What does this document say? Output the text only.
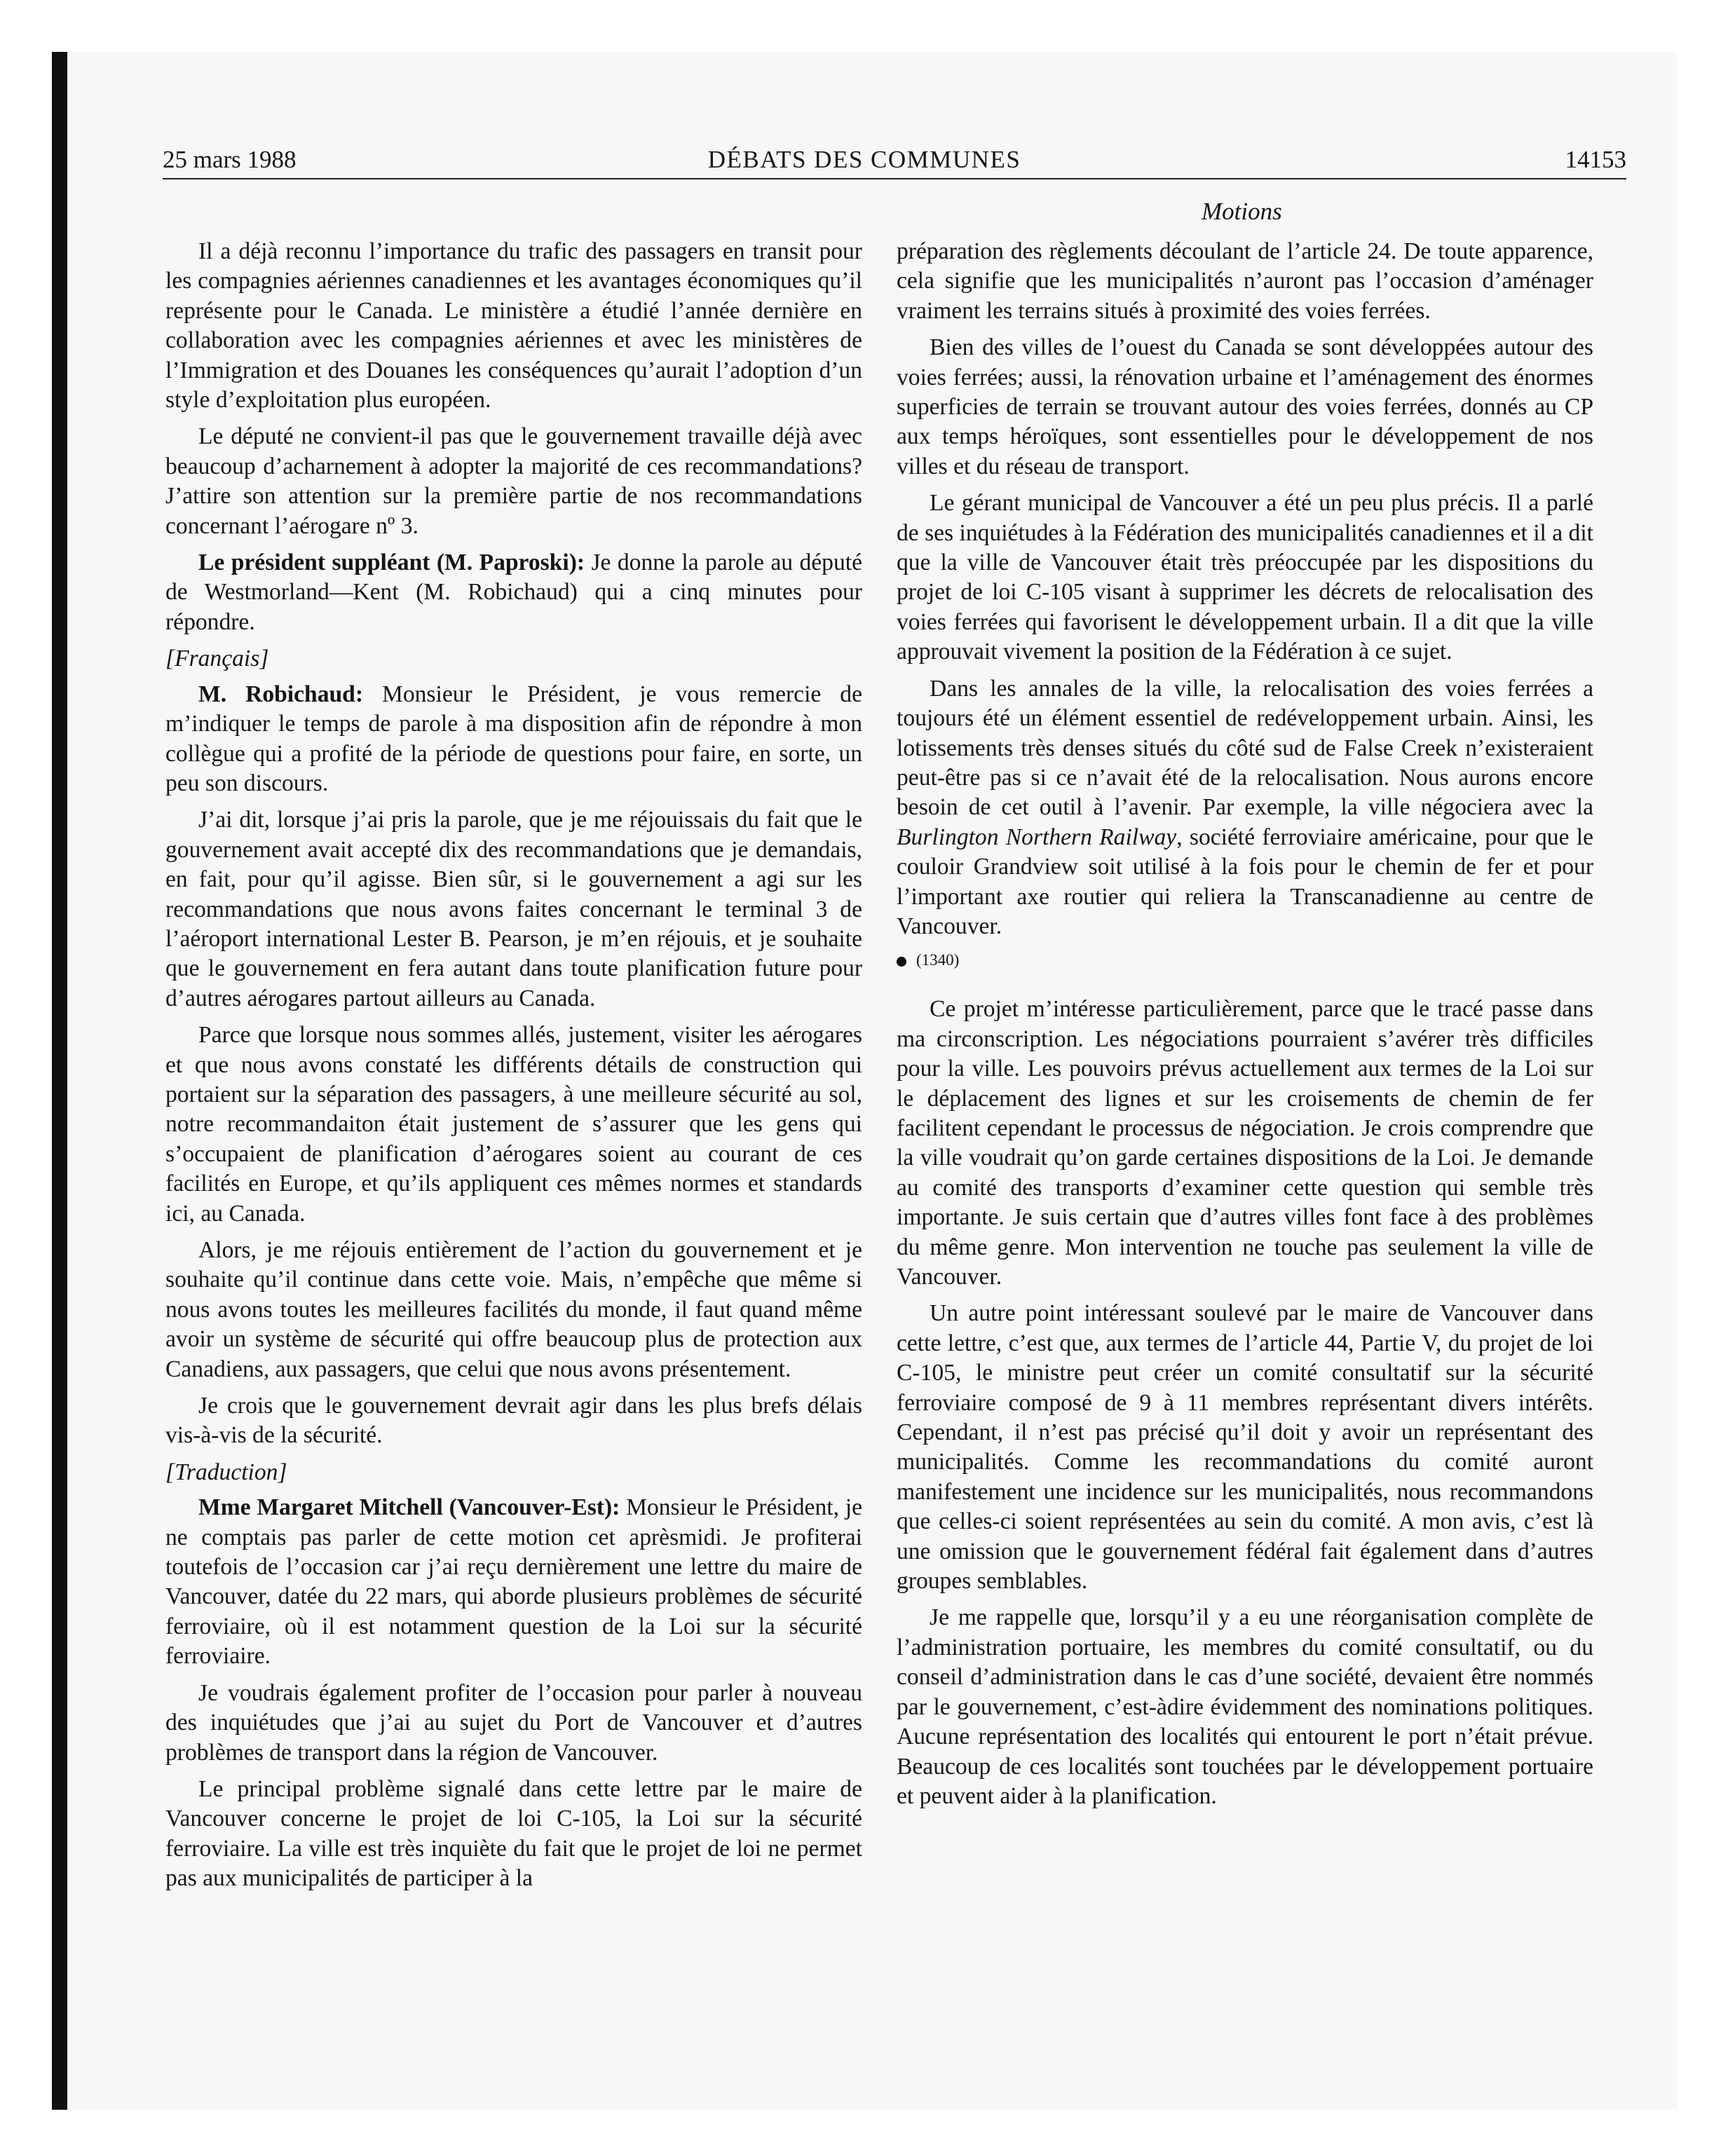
25 mars 1988	DÉBATS DES COMMUNES	14153
Motions

Il a déjà reconnu l’importance du trafic des passagers en transit pour les compagnies aériennes canadiennes et les avantages économiques qu’il représente pour le Canada. Le ministère a étudié l’année dernière en collaboration avec les compagnies aériennes et avec les ministères de l’Immigration et des Douanes les conséquences qu’aurait l’adoption d’un style d’exploitation plus européen.

Le député ne convient-il pas que le gouvernement travaille déjà avec beaucoup d’acharnement à adopter la majorité de ces recommandations? J’attire son attention sur la première partie de nos recommandations concernant l’aérogare nº 3.

Le président suppléant (M. Paproski): Je donne la parole au député de Westmorland—Kent (M. Robichaud) qui a cinq minutes pour répondre.

[Français]

M. Robichaud: Monsieur le Président, je vous remercie de m’indiquer le temps de parole à ma disposition afin de répondre à mon collègue qui a profité de la période de questions pour faire, en sorte, un peu son discours.

J’ai dit, lorsque j’ai pris la parole, que je me réjouissais du fait que le gouvernement avait accepté dix des recommandations que je demandais, en fait, pour qu’il agisse. Bien sûr, si le gouvernement a agi sur les recommandations que nous avons faites concernant le terminal 3 de l’aéroport international Lester B. Pearson, je m’en réjouis, et je souhaite que le gouvernement en fera autant dans toute planification future pour d’autres aérogares partout ailleurs au Canada.

Parce que lorsque nous sommes allés, justement, visiter les aérogares et que nous avons constaté les différents détails de construction qui portaient sur la séparation des passagers, à une meilleure sécurité au sol, notre recommandaiton était justement de s’assurer que les gens qui s’occupaient de planification d’aérogares soient au courant de ces facilités en Europe, et qu’ils appliquent ces mêmes normes et standards ici, au Canada.

Alors, je me réjouis entièrement de l’action du gouvernement et je souhaite qu’il continue dans cette voie. Mais, n’empêche que même si nous avons toutes les meilleures facilités du monde, il faut quand même avoir un système de sécurité qui offre beaucoup plus de protection aux Canadiens, aux passagers, que celui que nous avons présentement.

Je crois que le gouvernement devrait agir dans les plus brefs délais vis-à-vis de la sécurité.

[Traduction]

Mme Margaret Mitchell (Vancouver-Est): Monsieur le Président, je ne comptais pas parler de cette motion cet aprèsmidi. Je profiterai toutefois de l’occasion car j’ai reçu dernièrement une lettre du maire de Vancouver, datée du 22 mars, qui aborde plusieurs problèmes de sécurité ferroviaire, où il est notamment question de la Loi sur la sécurité ferroviaire.

Je voudrais également profiter de l’occasion pour parler à nouveau des inquiétudes que j’ai au sujet du Port de Vancouver et d’autres problèmes de transport dans la région de Vancouver.

Le principal problème signalé dans cette lettre par le maire de Vancouver concerne le projet de loi C-105, la Loi sur la sécurité ferroviaire. La ville est très inquiète du fait que le projet de loi ne permet pas aux municipalités de participer à la

préparation des règlements découlant de l’article 24. De toute apparence, cela signifie que les municipalités n’auront pas l’occasion d’aménager vraiment les terrains situés à proximité des voies ferrées.

Bien des villes de l’ouest du Canada se sont développées autour des voies ferrées; aussi, la rénovation urbaine et l’aménagement des énormes superficies de terrain se trouvant autour des voies ferrées, donnés au CP aux temps héroïques, sont essentielles pour le développement de nos villes et du réseau de transport.

Le gérant municipal de Vancouver a été un peu plus précis. Il a parlé de ses inquiétudes à la Fédération des municipalités canadiennes et il a dit que la ville de Vancouver était très préoccupée par les dispositions du projet de loi C-105 visant à supprimer les décrets de relocalisation des voies ferrées qui favorisent le développement urbain. Il a dit que la ville approuvait vivement la position de la Fédération à ce sujet.

Dans les annales de la ville, la relocalisation des voies ferrées a toujours été un élément essentiel de redéveloppement urbain. Ainsi, les lotissements très denses situés du côté sud de False Creek n’existeraient peut-être pas si ce n’avait été de la relocalisation. Nous aurons encore besoin de cet outil à l’avenir. Par exemple, la ville négociera avec la Burlington Northern Railway, société ferroviaire américaine, pour que le couloir Grandview soit utilisé à la fois pour le chemin de fer et pour l’important axe routier qui reliera la Transcanadienne au centre de Vancouver.

(1340)

Ce projet m’intéresse particulièrement, parce que le tracé passe dans ma circonscription. Les négociations pourraient s’avérer très difficiles pour la ville. Les pouvoirs prévus actuellement aux termes de la Loi sur le déplacement des lignes et sur les croisements de chemin de fer facilitent cependant le processus de négociation. Je crois comprendre que la ville voudrait qu’on garde certaines dispositions de la Loi. Je demande au comité des transports d’examiner cette question qui semble très importante. Je suis certain que d’autres villes font face à des problèmes du même genre. Mon intervention ne touche pas seulement la ville de Vancouver.

Un autre point intéressant soulevé par le maire de Vancouver dans cette lettre, c’est que, aux termes de l’article 44, Partie V, du projet de loi C-105, le ministre peut créer un comité consultatif sur la sécurité ferroviaire composé de 9 à 11 membres représentant divers intérêts. Cependant, il n’est pas précisé qu’il doit y avoir un représentant des municipalités. Comme les recommandations du comité auront manifestement une incidence sur les municipalités, nous recommandons que celles-ci soient représentées au sein du comité. A mon avis, c’est là une omission que le gouvernement fédéral fait également dans d’autres groupes semblables.

Je me rappelle que, lorsqu’il y a eu une réorganisation complète de l’administration portuaire, les membres du comité consultatif, ou du conseil d’administration dans le cas d’une société, devaient être nommés par le gouvernement, c’est-àdire évidemment des nominations politiques. Aucune représentation des localités qui entourent le port n’était prévue. Beaucoup de ces localités sont touchées par le développement portuaire et peuvent aider à la planification.
